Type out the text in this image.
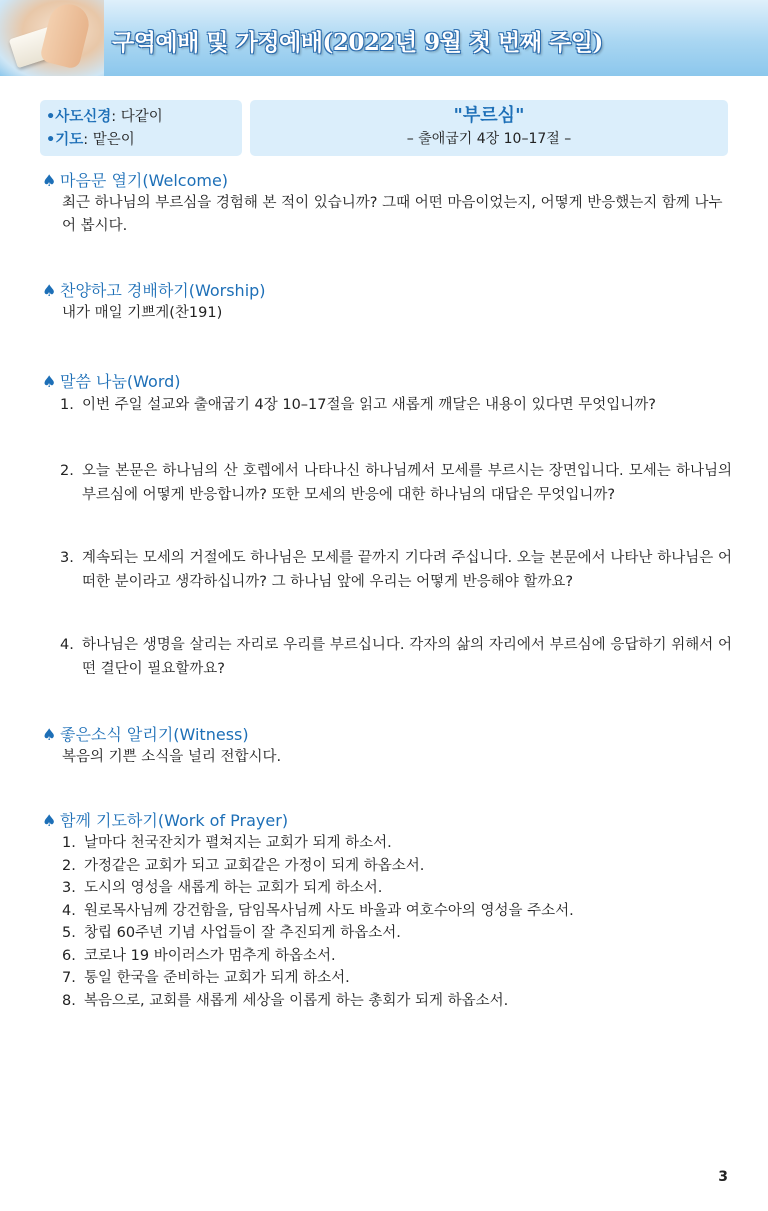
구역예배 및 가정예배(2022년 9월 첫 번째 주일)
•사도신경: 다같이
•기도: 맡은이
"부르심"
– 출애굽기 4장 10–17절 –
♠ 마음문 열기(Welcome)
최근 하나님의 부르심을 경험해 본 적이 있습니까? 그때 어떤 마음이었는지, 어떻게 반응했는지 함께 나누어 봅시다.
♠ 찬양하고 경배하기(Worship)
내가 매일 기쁘게(찬191)
♠ 말씀 나눔(Word)
1. 이번 주일 설교와 출애굽기 4장 10–17절을 읽고 새롭게 깨달은 내용이 있다면 무엇입니까?
2. 오늘 본문은 하나님의 산 호렙에서 나타나신 하나님께서 모세를 부르시는 장면입니다. 모세는 하나님의 부르심에 어떻게 반응합니까? 또한 모세의 반응에 대한 하나님의 대답은 무엇입니까?
3. 계속되는 모세의 거절에도 하나님은 모세를 끝까지 기다려 주십니다. 오늘 본문에서 나타난 하나님은 어떠한 분이라고 생각하십니까? 그 하나님 앞에 우리는 어떻게 반응해야 할까요?
4. 하나님은 생명을 살리는 자리로 우리를 부르십니다. 각자의 삶의 자리에서 부르심에 응답하기 위해서 어떤 결단이 필요할까요?
♠ 좋은소식 알리기(Witness)
복음의 기쁜 소식을 널리 전합시다.
♠ 함께 기도하기(Work of Prayer)
1. 날마다 천국잔치가 펼쳐지는 교회가 되게 하소서.
2. 가정같은 교회가 되고 교회같은 가정이 되게 하옵소서.
3. 도시의 영성을 새롭게 하는 교회가 되게 하소서.
4. 원로목사님께 강건함을, 담임목사님께 사도 바울과 여호수아의 영성을 주소서.
5. 창립 60주년 기념 사업들이 잘 추진되게 하옵소서.
6. 코로나 19 바이러스가 멈추게 하옵소서.
7. 통일 한국을 준비하는 교회가 되게 하소서.
8. 복음으로, 교회를 새롭게 세상을 이롭게 하는 총회가 되게 하옵소서.
3
